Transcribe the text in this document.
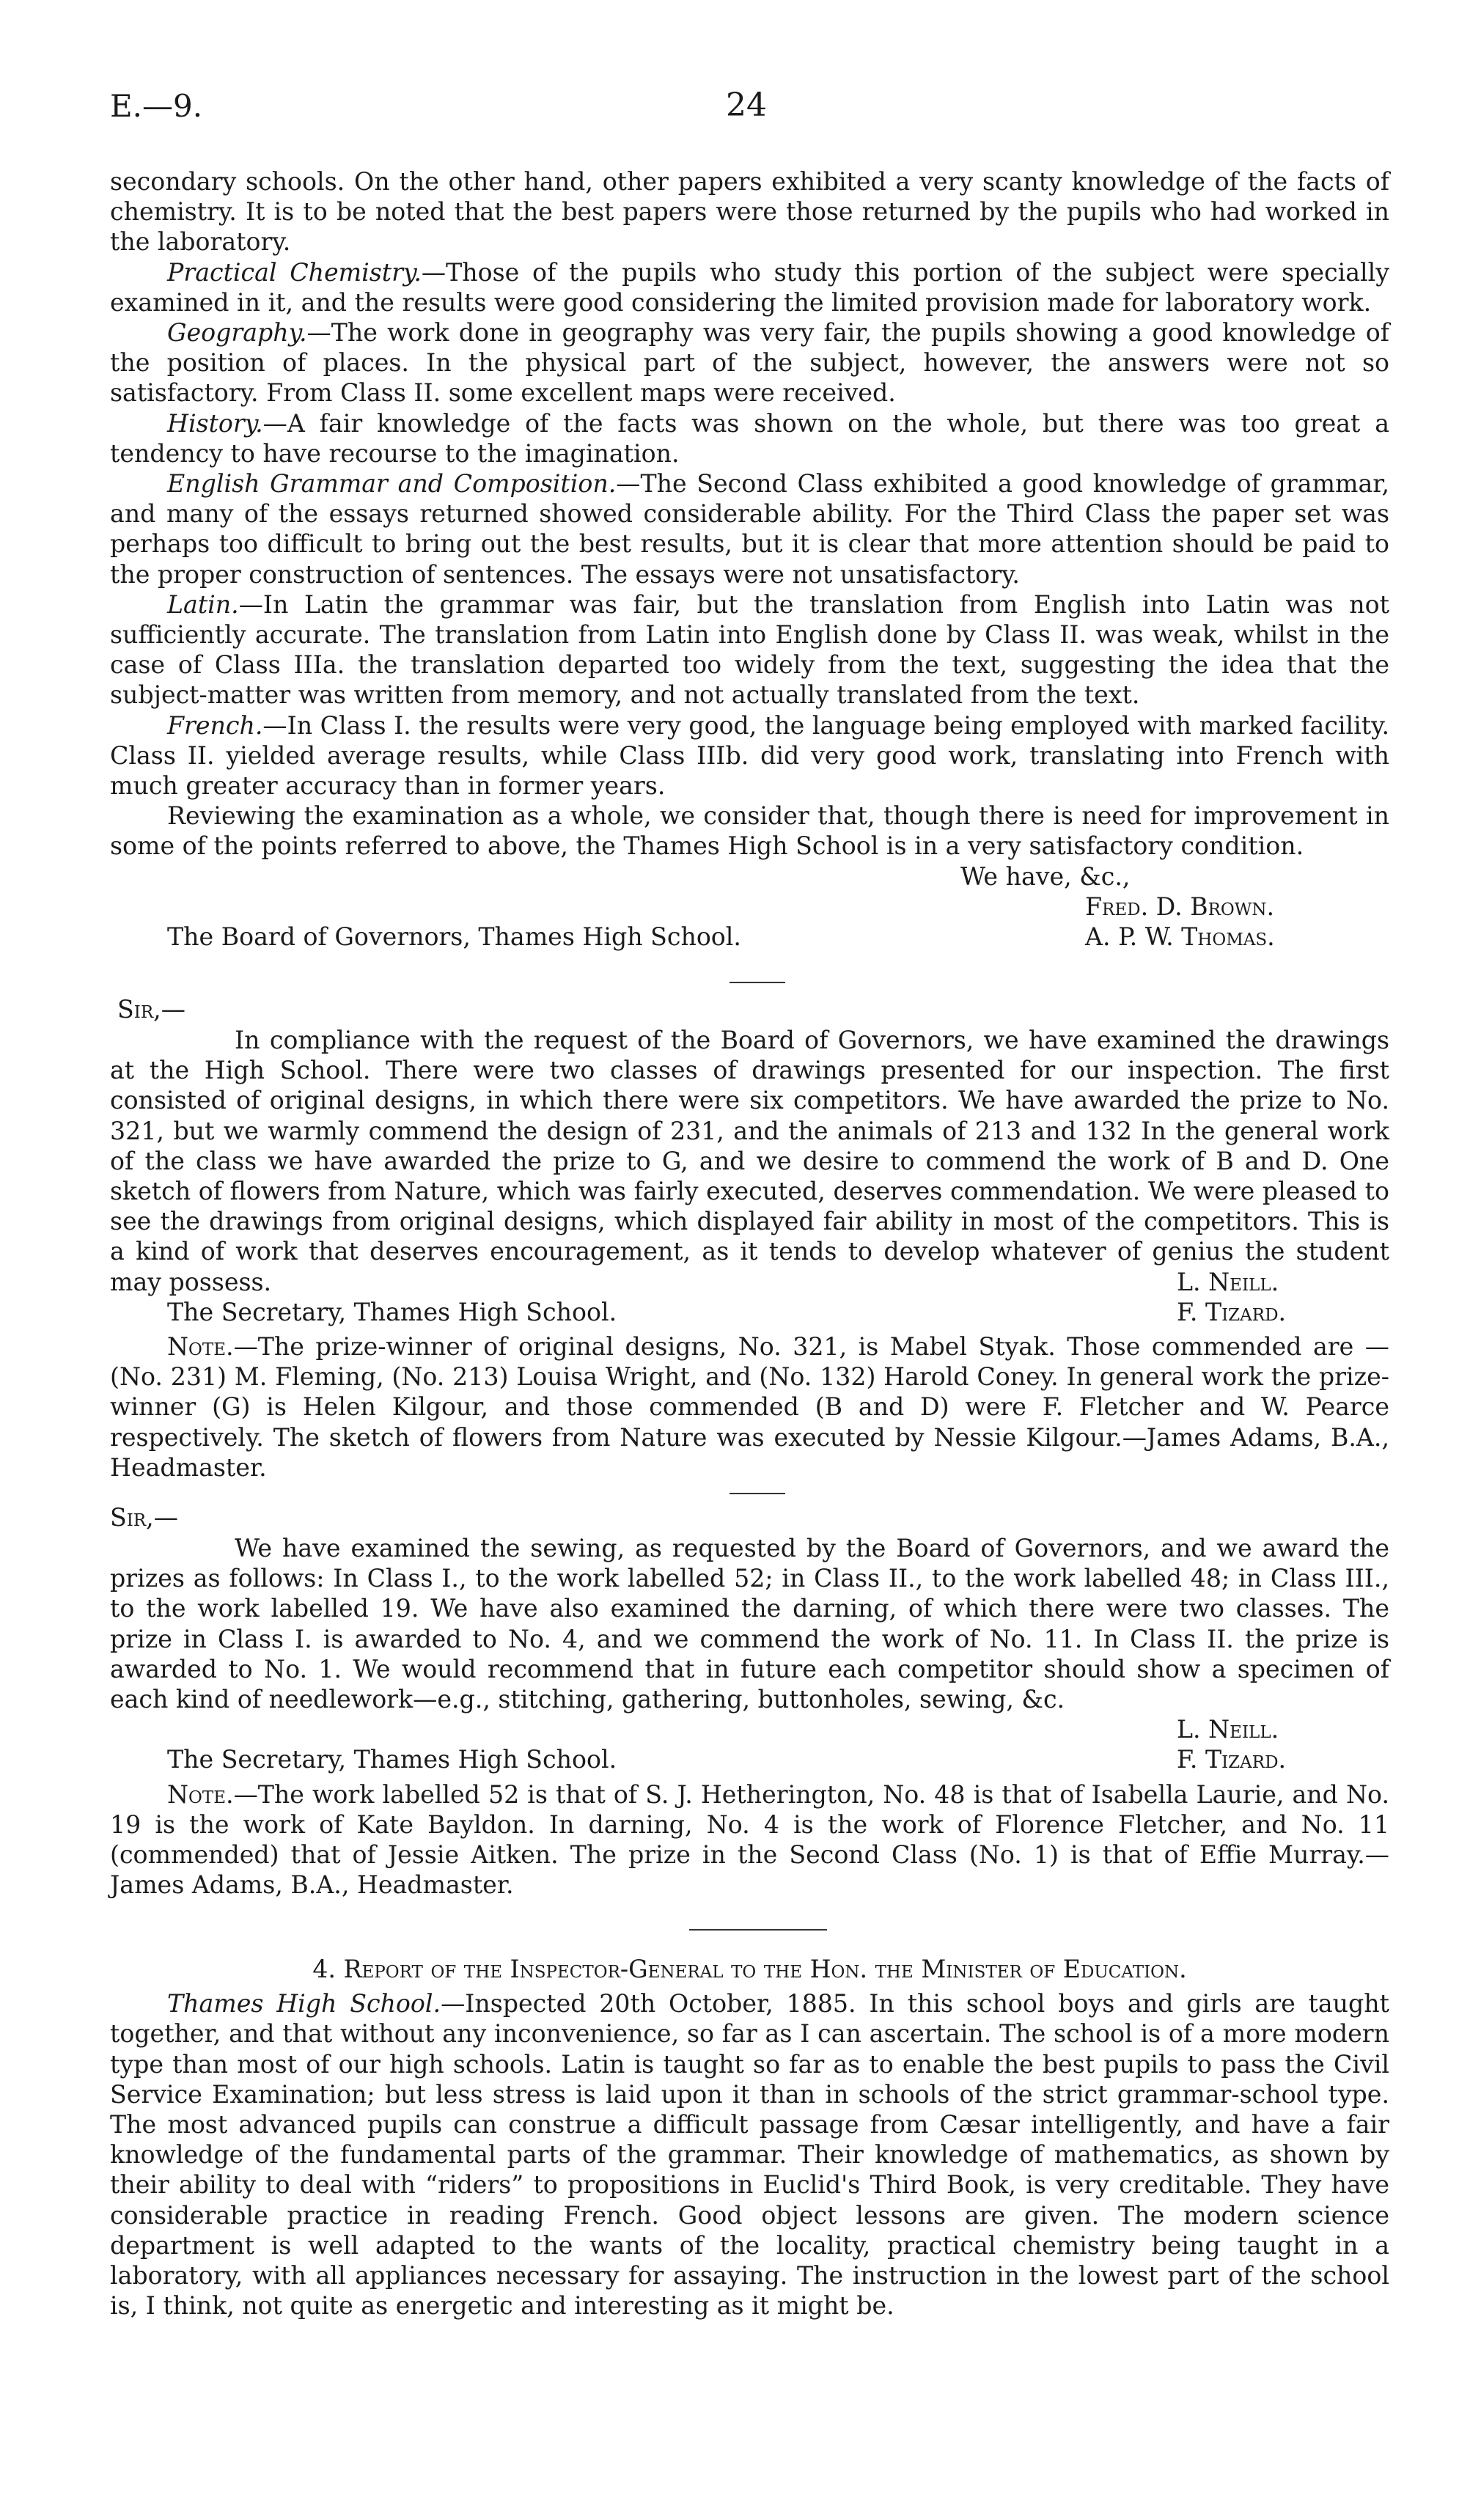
E.—9.	24

secondary schools. On the other hand, other papers exhibited a very scanty knowledge of the facts of chemistry. It is to be noted that the best papers were those returned by the pupils who had worked in the laboratory.

Practical Chemistry.—Those of the pupils who study this portion of the subject were specially examined in it, and the results were good considering the limited provision made for laboratory work.

Geography.—The work done in geography was very fair, the pupils showing a good knowledge of the position of places. In the physical part of the subject, however, the answers were not so satisfactory. From Class II. some excellent maps were received.

History.—A fair knowledge of the facts was shown on the whole, but there was too great a tendency to have recourse to the imagination.

English Grammar and Composition.—The Second Class exhibited a good knowledge of grammar, and many of the essays returned showed considerable ability. For the Third Class the paper set was perhaps too difficult to bring out the best results, but it is clear that more attention should be paid to the proper construction of sentences. The essays were not unsatisfactory.

Latin.—In Latin the grammar was fair, but the translation from English into Latin was not sufficiently accurate. The translation from Latin into English done by Class II. was weak, whilst in the case of Class IIIa. the translation departed too widely from the text, suggesting the idea that the subject-matter was written from memory, and not actually translated from the text.

French.—In Class I. the results were very good, the language being employed with marked facility. Class II. yielded average results, while Class IIIb. did very good work, translating into French with much greater accuracy than in former years.

Reviewing the examination as a whole, we consider that, though there is need for improvement in some of the points referred to above, the Thames High School is in a very satisfactory condition.

We have, &c.,
Fred. D. Brown.
The Board of Governors, Thames High School.	A. P. W. Thomas.
Sir,—

In compliance with the request of the Board of Governors, we have examined the drawings at the High School. There were two classes of drawings presented for our inspection. The first consisted of original designs, in which there were six competitors. We have awarded the prize to No. 321, but we warmly commend the design of 231, and the animals of 213 and 132 In the general work of the class we have awarded the prize to G, and we desire to commend the work of B and D. One sketch of flowers from Nature, which was fairly executed, deserves commendation. We were pleased to see the drawings from original designs, which displayed fair ability in most of the competitors. This is a kind of work that deserves encouragement, as it tends to develop whatever of genius the student may possess.	L. Neill.
The Secretary, Thames High School.	F. Tizard.

Note.—The prize-winner of original designs, No. 321, is Mabel Styak. Those commended are —(No. 231) M. Fleming, (No. 213) Louisa Wright, and (No. 132) Harold Coney. In general work the prize-winner (G) is Helen Kilgour, and those commended (B and D) were F. Fletcher and W. Pearce respectively. The sketch of flowers from Nature was executed by Nessie Kilgour.—James Adams, B.A., Headmaster.

Sir,—

We have examined the sewing, as requested by the Board of Governors, and we award the prizes as follows: In Class I., to the work labelled 52; in Class II., to the work labelled 48; in Class III., to the work labelled 19. We have also examined the darning, of which there were two classes. The prize in Class I. is awarded to No. 4, and we commend the work of No. 11. In Class II. the prize is awarded to No. 1. We would recommend that in future each competitor should show a specimen of each kind of needlework—e.g., stitching, gathering, buttonholes, sewing, &c.

L. Neill.
The Secretary, Thames High School.	F. Tizard.

Note.—The work labelled 52 is that of S. J. Hetherington, No. 48 is that of Isabella Laurie, and No. 19 is the work of Kate Bayldon. In darning, No. 4 is the work of Florence Fletcher, and No. 11 (commended) that of Jessie Aitken. The prize in the Second Class (No. 1) is that of Effie Murray.—James Adams, B.A., Headmaster.

4. Report of the Inspector-General to the Hon. the Minister of Education.

Thames High School.—Inspected 20th October, 1885. In this school boys and girls are taught together, and that without any inconvenience, so far as I can ascertain. The school is of a more modern type than most of our high schools. Latin is taught so far as to enable the best pupils to pass the Civil Service Examination; but less stress is laid upon it than in schools of the strict grammar-school type. The most advanced pupils can construe a difficult passage from Cæsar intelligently, and have a fair knowledge of the fundamental parts of the grammar. Their knowledge of mathematics, as shown by their ability to deal with “riders” to propositions in Euclid's Third Book, is very creditable. They have considerable practice in reading French. Good object lessons are given. The modern science department is well adapted to the wants of the locality, practical chemistry being taught in a laboratory, with all appliances necessary for assaying. The instruction in the lowest part of the school is, I think, not quite as energetic and interesting as it might be.
